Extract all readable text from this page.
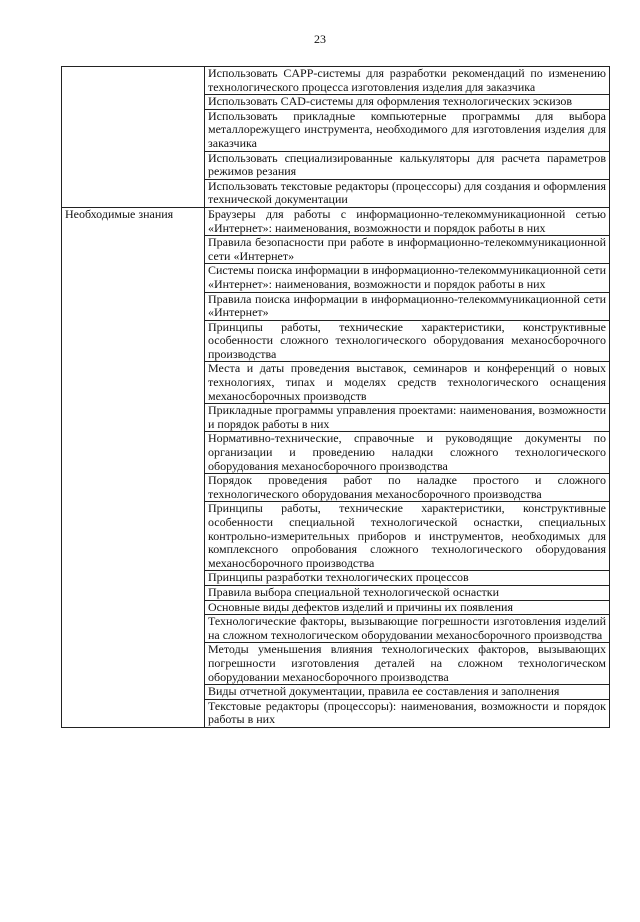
23
	Использовать CAPP-системы для разработки рекомендаций по изменению технологического процесса изготовления изделия для заказчика
	Использовать CAD-системы для оформления технологических эскизов
	Использовать прикладные компьютерные программы для выбора металлорежущего инструмента, необходимого для изготовления изделия для заказчика
	Использовать специализированные калькуляторы для расчета параметров режимов резания
	Использовать текстовые редакторы (процессоры) для создания и оформления технической документации
Необходимые знания	Браузеры для работы с информационно-телекоммуникационной сетью «Интернет»: наименования, возможности и порядок работы в них
	Правила безопасности при работе в информационно-телекоммуникационной сети «Интернет»
	Системы поиска информации в информационно-телекоммуникационной сети «Интернет»: наименования, возможности и порядок работы в них
	Правила поиска информации в информационно-телекоммуникационной сети «Интернет»
	Принципы работы, технические характеристики, конструктивные особенности сложного технологического оборудования механосборочного производства
	Места и даты проведения выставок, семинаров и конференций о новых технологиях, типах и моделях средств технологического оснащения механосборочных производств
	Прикладные программы управления проектами: наименования, возможности и порядок работы в них
	Нормативно-технические, справочные и руководящие документы по организации и проведению наладки сложного технологического оборудования механосборочного производства
	Порядок проведения работ по наладке простого и сложного технологического оборудования механосборочного производства
	Принципы работы, технические характеристики, конструктивные особенности специальной технологической оснастки, специальных контрольно-измерительных приборов и инструментов, необходимых для комплексного опробования сложного технологического оборудования механосборочного производства
	Принципы разработки технологических процессов
	Правила выбора специальной технологической оснастки
	Основные виды дефектов изделий и причины их появления
	Технологические факторы, вызывающие погрешности изготовления изделий на сложном технологическом оборудовании механосборочного производства
	Методы уменьшения влияния технологических факторов, вызывающих погрешности изготовления деталей на сложном технологическом оборудовании механосборочного производства
	Виды отчетной документации, правила ее составления и заполнения
	Текстовые редакторы (процессоры): наименования, возможности и порядок работы в них
